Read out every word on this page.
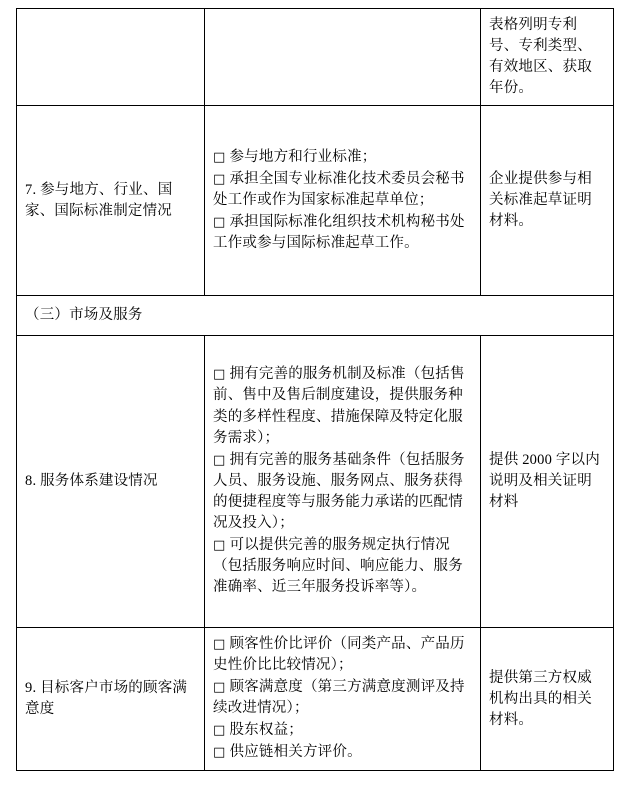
		表格列明专利号、专利类型、有效地区、获取年份。
7. 参与地方、行业、国家、国际标准制定情况	□ 参与地方和行业标准；
□ 承担全国专业标准化技术委员会秘书处工作或作为国家标准起草单位；
□ 承担国际标准化组织技术机构秘书处工作或参与国际标准起草工作。	企业提供参与相关标准起草证明材料。
（三）市场及服务		
8. 服务体系建设情况	□ 拥有完善的服务机制及标准（包括售前、售中及售后制度建设，提供服务种类的多样性程度、措施保障及特定化服务需求）；
□ 拥有完善的服务基础条件（包括服务人员、服务设施、服务网点、服务获得的便捷程度等与服务能力承诺的匹配情况及投入）；
□ 可以提供完善的服务规定执行情况（包括服务响应时间、响应能力、服务准确率、近三年服务投诉率等）。	提供 2000 字以内说明及相关证明材料
9. 目标客户市场的顾客满意度	□ 顾客性价比评价（同类产品、产品历史性价比比较情况）；
□ 顾客满意度（第三方满意度测评及持续改进情况）；
□ 股东权益；
□ 供应链相关方评价。	提供第三方权威机构出具的相关材料。
